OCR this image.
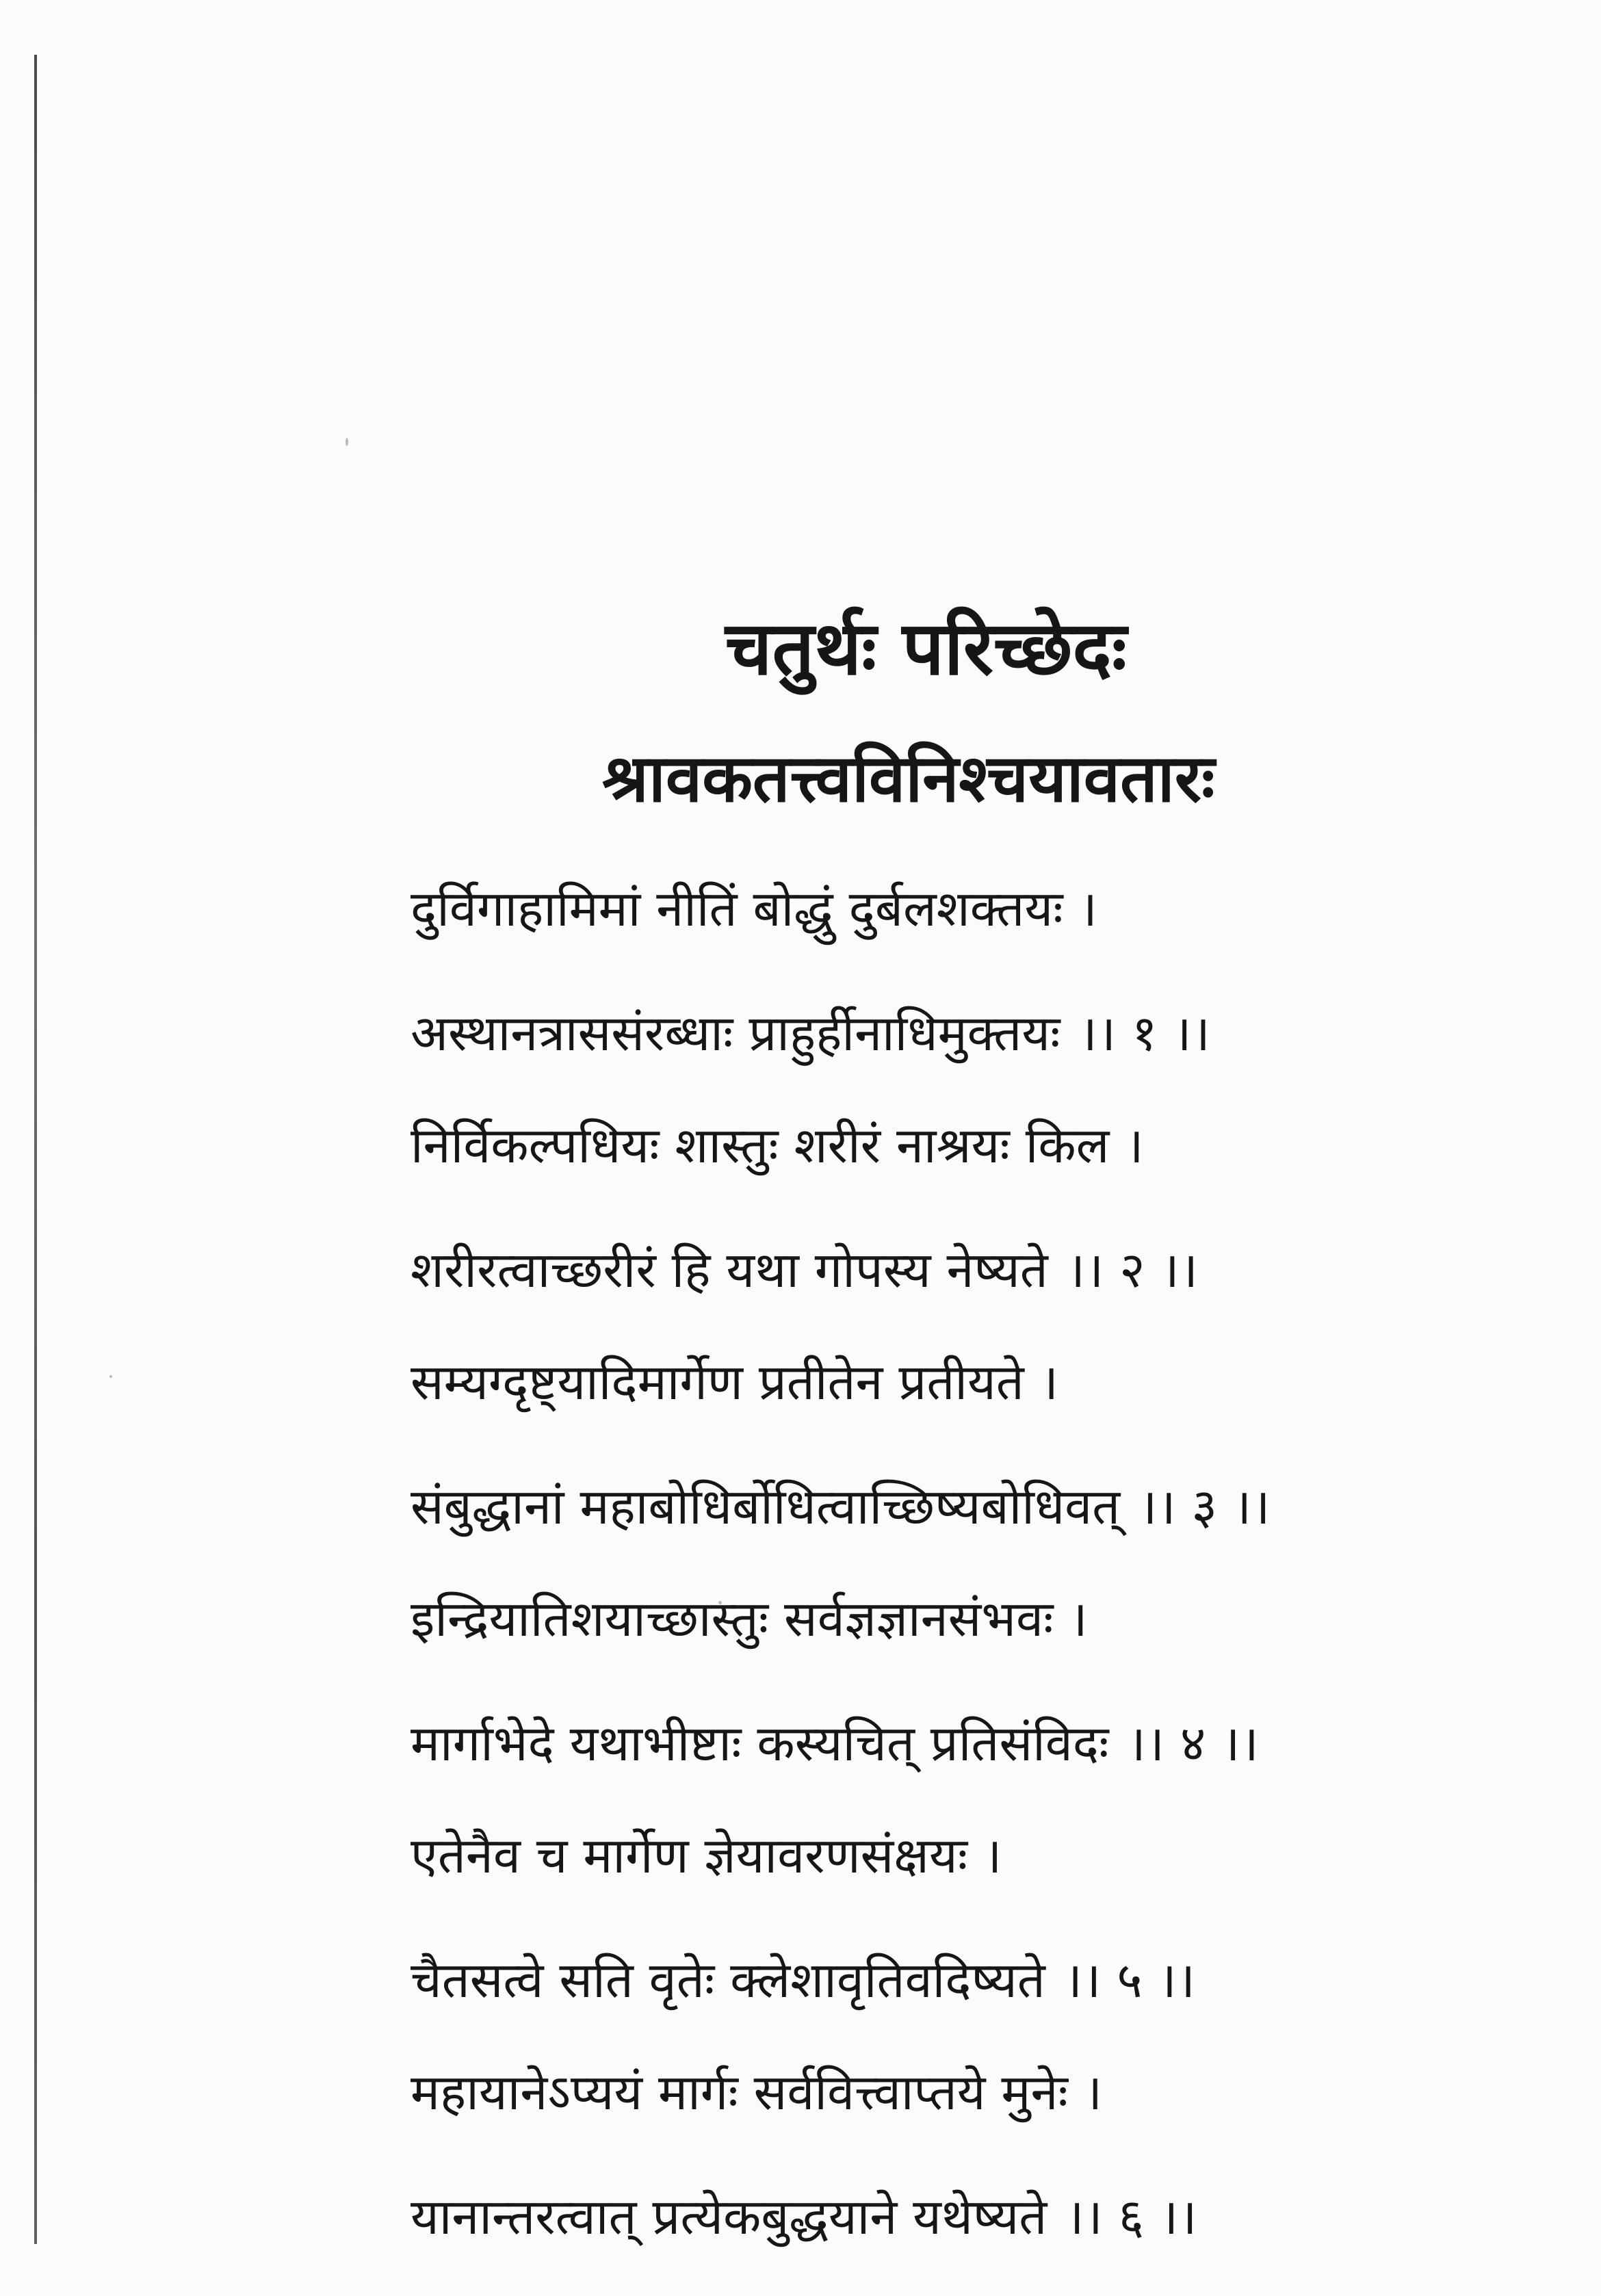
चतुर्थः परिच्छेदः
श्रावकतत्त्वविनिश्चयावतारः
दुर्विगाहामिमां नीतिं बोद्धुं दुर्बलशक्तयः ।
अस्थानत्राससंरब्धाः प्राहुर्हीनाधिमुक्तयः ।। १ ।।
निर्विकल्पधियः शास्तुः शरीरं नाश्रयः किल ।
शरीरत्वाच्छरीरं हि यथा गोपस्य नेष्यते ।। २ ।।
सम्यग्दृष्ट्यादिमार्गेण प्रतीतेन प्रतीयते ।
संबुद्धानां महाबोधिर्बोधित्वाच्छिष्यबोधिवत् ।। ३ ।।
इन्द्रियातिशयाच्छास्तुः सर्वज्ञज्ञानसंभवः ।
मार्गाभेदे यथाभीष्टाः कस्यचित् प्रतिसंविदः ।। ४ ।।
एतेनैव च मार्गेण ज्ञेयावरणसंक्षयः ।
चैतसत्वे सति वृतेः क्लेशावृतिवदिष्यते ।। ५ ।।
महायानेऽप्ययं मार्गः सर्ववित्त्वाप्तये मुनेः ।
यानान्तरत्वात् प्रत्येकबुद्धयाने यथेष्यते ।। ६ ।।
